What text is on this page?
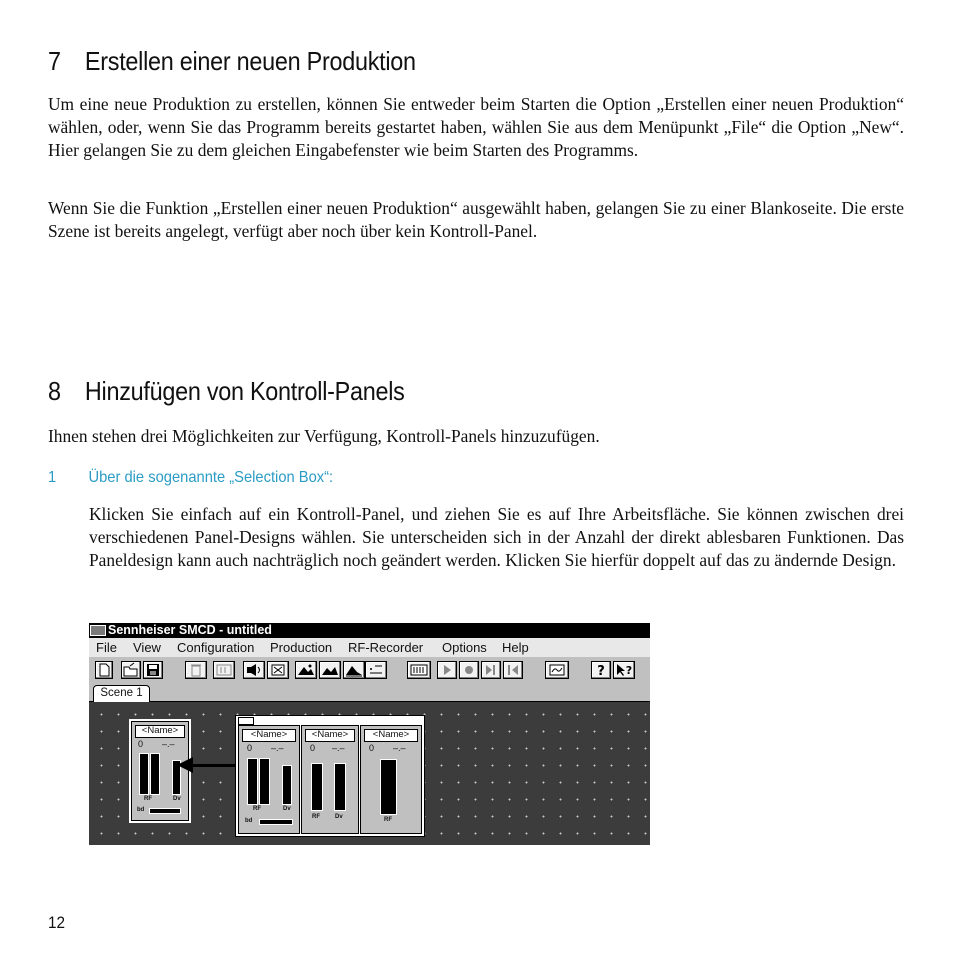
7 Erstellen einer neuen Produktion

Um eine neue Produktion zu erstellen, können Sie entweder beim Starten die Option „Erstellen einer neuen Produktion“ wählen, oder, wenn Sie das Programm bereits gestartet haben, wählen Sie aus dem Menüpunkt „File“ die Option „New“. Hier gelangen Sie zu dem gleichen Eingabefenster wie beim Starten des Programms.

Wenn Sie die Funktion „Erstellen einer neuen Produktion“ ausgewählt haben, gelangen Sie zu einer Blankoseite. Die erste Szene ist bereits angelegt, verfügt aber noch über kein Kontroll-Panel.

8 Hinzufügen von Kontroll-Panels

Ihnen stehen drei Möglichkeiten zur Verfügung, Kontroll-Panels hinzuzufügen.

1 Über die sogenannte „Selection Box“:

Klicken Sie einfach auf ein Kontroll-Panel, und ziehen Sie es auf Ihre Arbeitsfläche. Sie können zwischen drei verschiedenen Panel-Designs wählen. Sie unterscheiden sich in der Anzahl der direkt ablesbaren Funktionen. Das Paneldesign kann auch nachträglich noch geändert werden. Klicken Sie hierfür doppelt auf das zu ändernde Design.

Sennheiser SMCD - untitled
File View Configuration Production RF-Recorder Options Help
? ?
Scene 1
<Name>
0 –.–
RF	Dv
bd
<Name>
0 –.–
RF	Dv
bd
<Name>
0 –.–
RF	Dv
<Name>
0 –.–
RF
12
